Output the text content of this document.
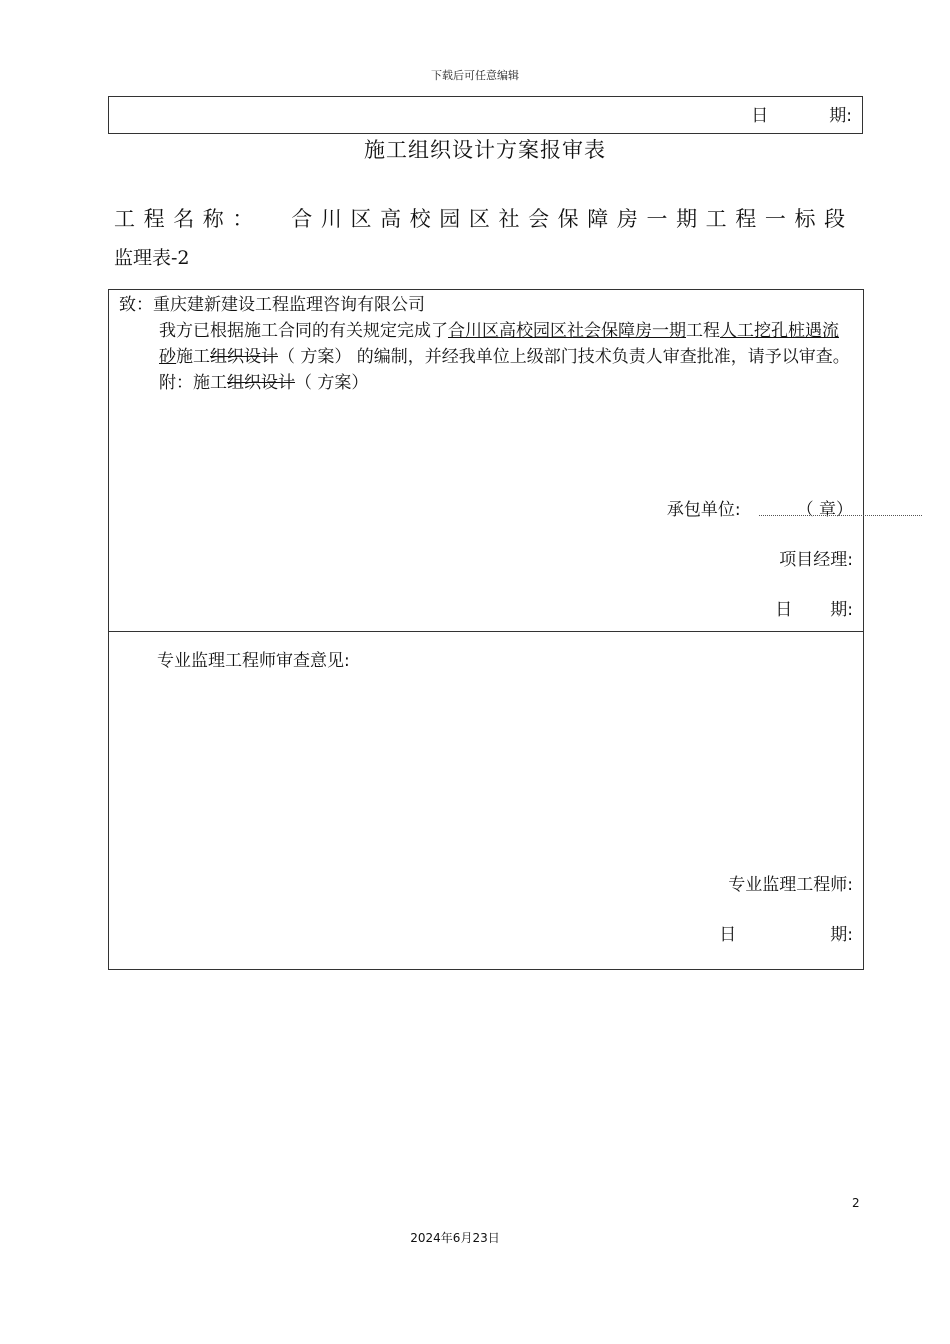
下载后可任意编辑
日	期:
施工组织设计方案报审表
工程名称： 合川区高校园区社会保障房一期工程一标段
监理表-2
致：重庆建新建设工程监理咨询有限公司
我方已根据施工合同的有关规定完成了合川区高校园区社会保障房一期工程人工挖孔桩遇流砂施工组织设计（ 方案） 的编制，并经我单位上级部门技术负责人审查批准，请予以审查。
附：施工组织设计（ 方案）
承包单位:	（ 章）
项目经理:
日 期:
专业监理工程师审查意见:
专业监理工程师:
日	期:
2
2024年6月23日
